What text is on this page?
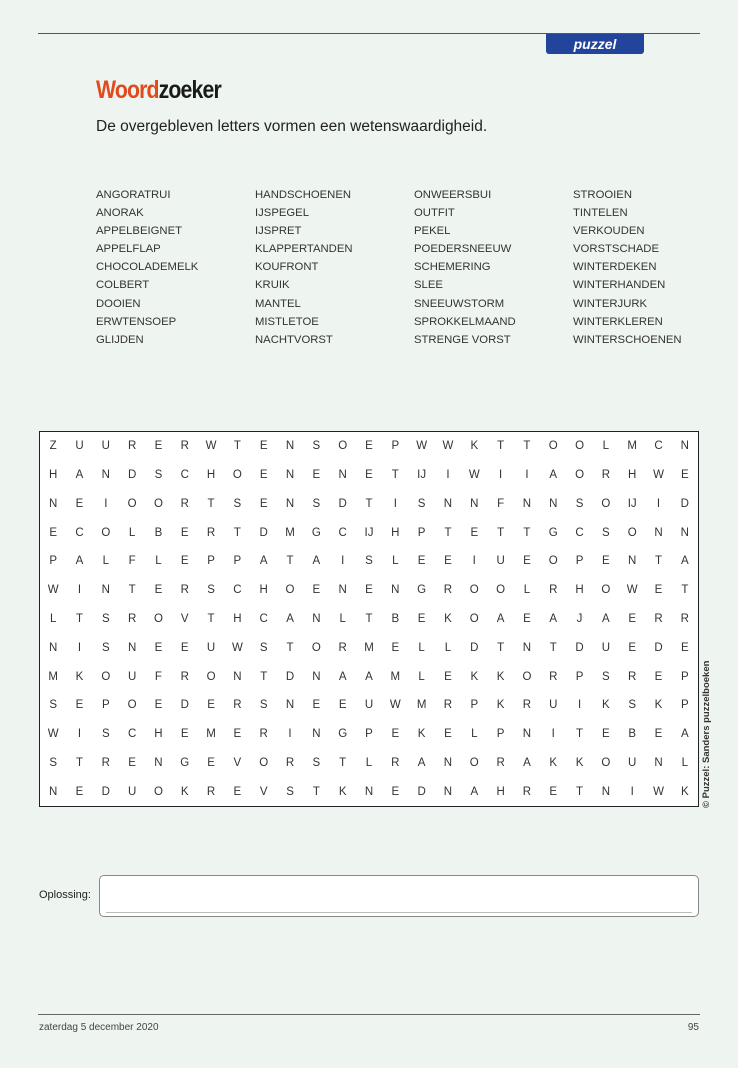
puzzel
Woordzoeker

De overgebleven letters vormen een wetenswaardigheid.

ANGORATRUI
ANORAK
APPELBEIGNET
APPELFLAP
CHOCOLADEMELK
COLBERT
DOOIEN
ERWTENSOEP
GLIJDEN
HANDSCHOENEN
IJSPEGEL
IJSPRET
KLAPPERTANDEN
KOUFRONT
KRUIK
MANTEL
MISTLETOE
NACHTVORST
ONWEERSBUI
OUTFIT
PEKEL
POEDERSNEEUW
SCHEMERING
SLEE
SNEEUWSTORM
SPROKKELMAAND
STRENGE VORST
STROOIEN
TINTELEN
VERKOUDEN
VORSTSCHADE
WINTERDEKEN
WINTERHANDEN
WINTERJURK
WINTERKLEREN
WINTERSCHOENEN
Z	U	U	R	E	R	W	T	E	N	S	O	E	P	W	W	K	T	T	O	O	L	M	C	N
H	A	N	D	S	C	H	O	E	N	E	N	E	T	IJ	I	W	I	I	A	O	R	H	W	E
N	E	I	O	O	R	T	S	E	N	S	D	T	I	S	N	N	F	N	N	S	O	IJ	I	D
E	C	O	L	B	E	R	T	D	M	G	C	IJ	H	P	T	E	T	T	G	C	S	O	N	N
P	A	L	F	L	E	P	P	A	T	A	I	S	L	E	E	I	U	E	O	P	E	N	T	A
W	I	N	T	E	R	S	C	H	O	E	N	E	N	G	R	O	O	L	R	H	O	W	E	T
L	T	S	R	O	V	T	H	C	A	N	L	T	B	E	K	O	A	E	A	J	A	E	R	R
N	I	S	N	E	E	U	W	S	T	O	R	M	E	L	L	D	T	N	T	D	U	E	D	E
M	K	O	U	F	R	O	N	T	D	N	A	A	M	L	E	K	K	O	R	P	S	R	E	P
S	E	P	O	E	D	E	R	S	N	E	E	U	W	M	R	P	K	R	U	I	K	S	K	P
W	I	S	C	H	E	M	E	R	I	N	G	P	E	K	E	L	P	N	I	T	E	B	E	A
S	T	R	E	N	G	E	V	O	R	S	T	L	R	A	N	O	R	A	K	K	O	U	N	L
N	E	D	U	O	K	R	E	V	S	T	K	N	E	D	N	A	H	R	E	T	N	I	W	K	© Puzzel: Sanders puzzelboeken
Oplossing:
zaterdag 5 december 2020	95
